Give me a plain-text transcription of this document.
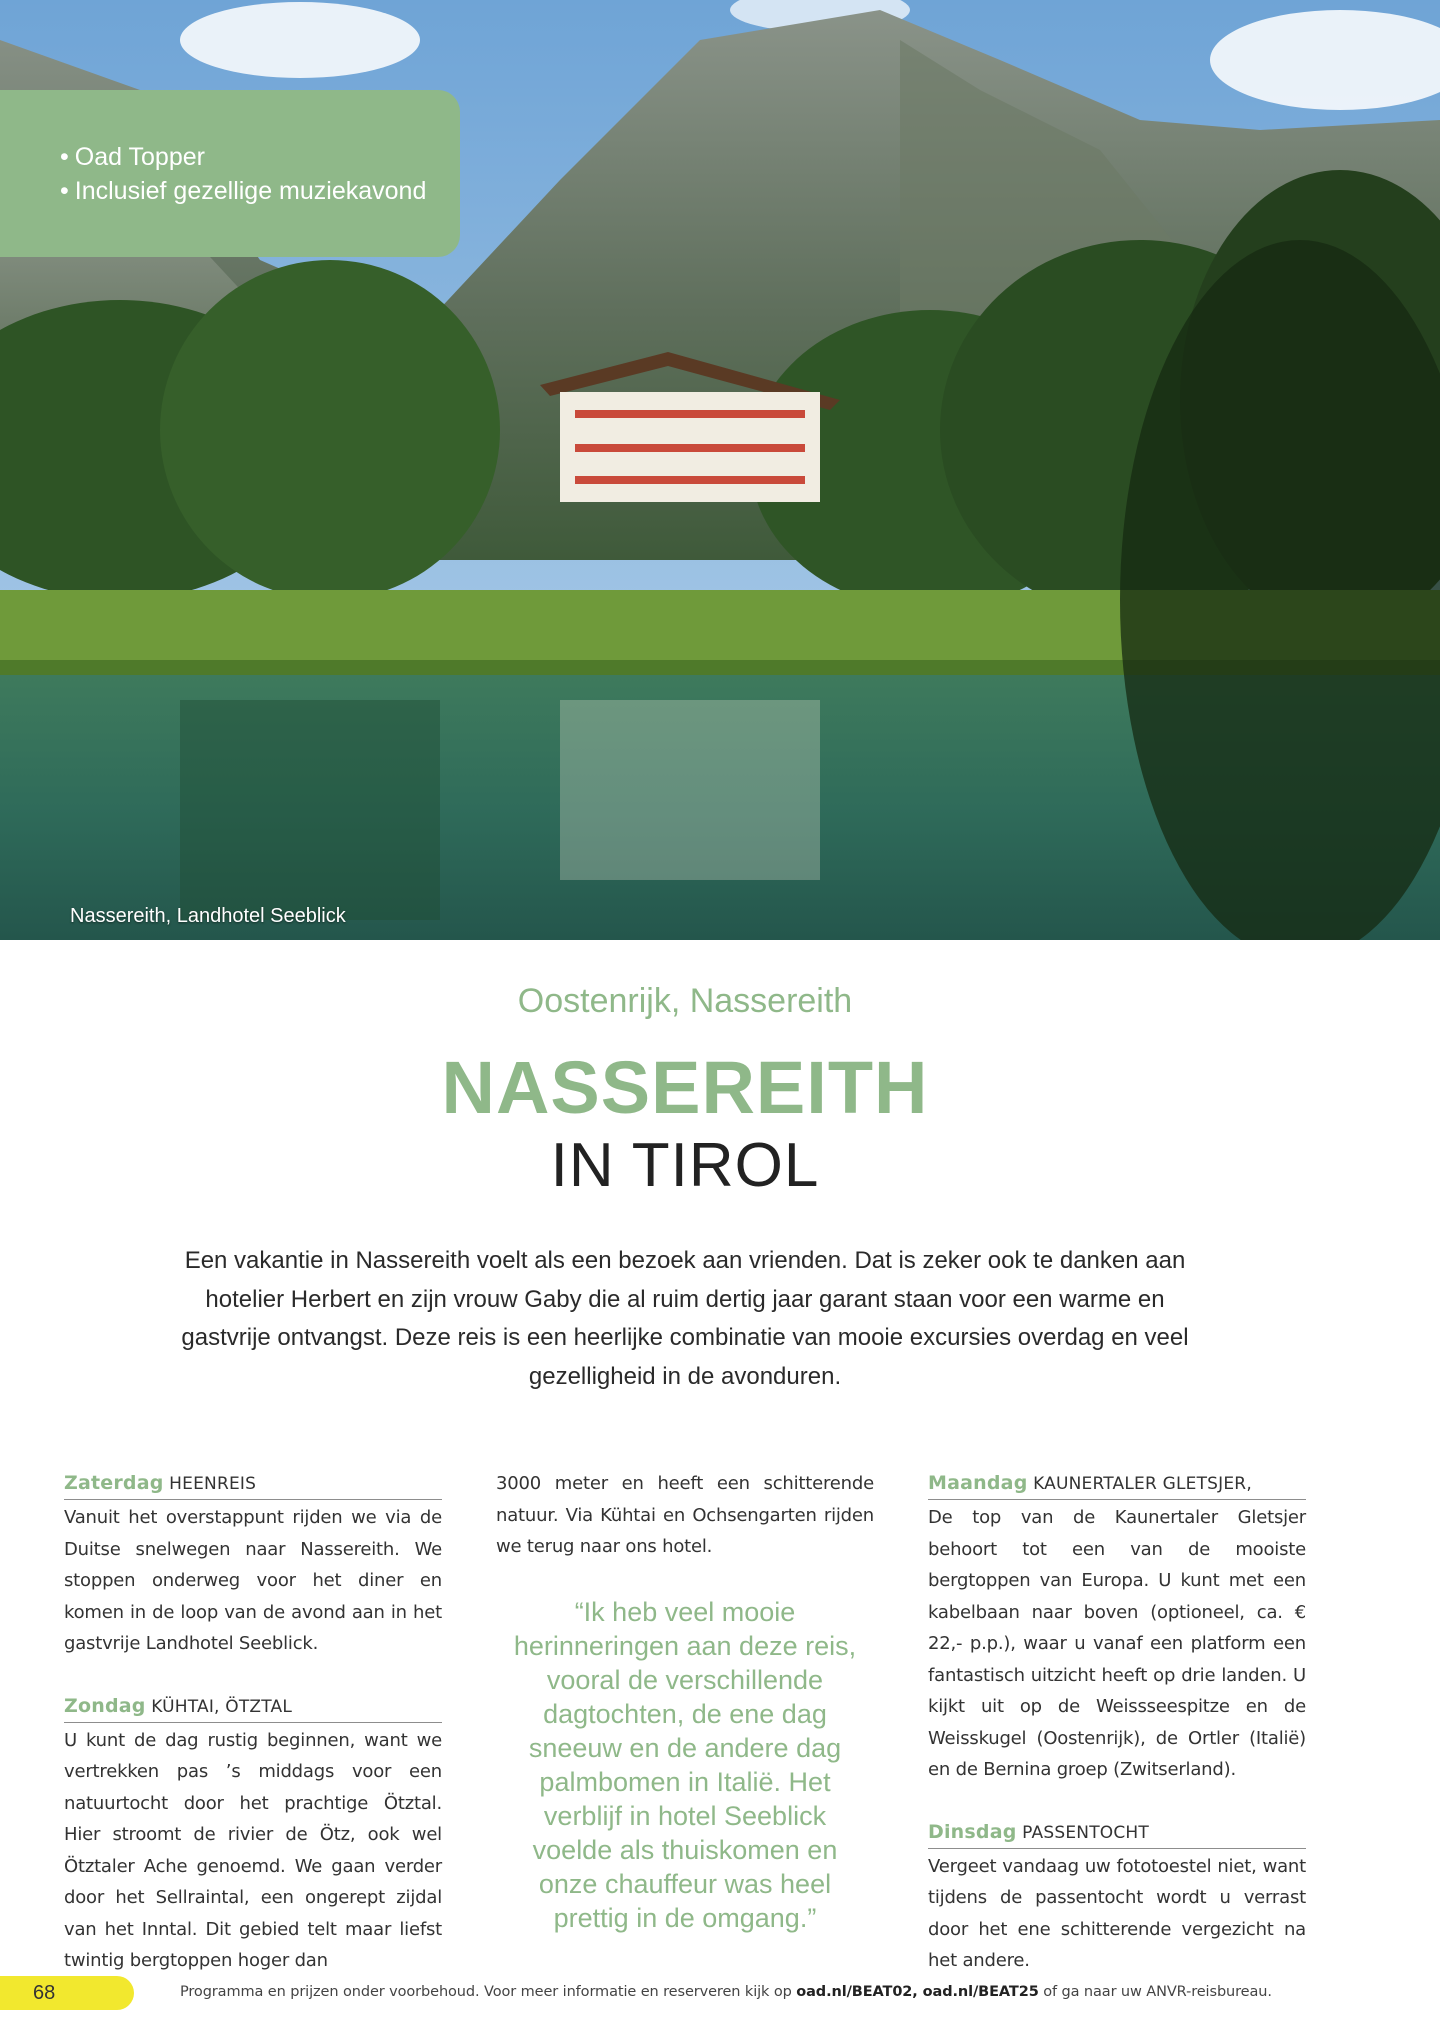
• Oad Topper
• Inclusief gezellige muziekavond
Nassereith, Landhotel Seeblick
Oostenrijk, Nassereith
NASSEREITH
IN TIROL

Een vakantie in Nassereith voelt als een bezoek aan vrienden. Dat is zeker ook te danken aan hotelier Herbert en zijn vrouw Gaby die al ruim dertig jaar garant staan voor een warme en gastvrije ontvangst. Deze reis is een heerlijke combinatie van mooie excursies overdag en veel gezelligheid in de avonduren.

Zaterdag HEENREIS

Vanuit het overstappunt rijden we via de Duitse snelwegen naar Nassereith. We stoppen onderweg voor het diner en komen in de loop van de avond aan in het gastvrije Landhotel Seeblick.

Zondag KÜHTAI, ÖTZTAL

U kunt de dag rustig beginnen, want we vertrekken pas ’s middags voor een natuurtocht door het prachtige Ötztal. Hier stroomt de rivier de Ötz, ook wel Ötztaler Ache genoemd. We gaan verder door het Sellraintal, een ongerept zijdal van het Inntal. Dit gebied telt maar liefst twintig bergtoppen hoger dan

3000 meter en heeft een schitterende natuur. Via Kühtai en Ochsengarten rijden we terug naar ons hotel.

“Ik heb veel mooie herinneringen aan deze reis, vooral de verschillende dagtochten, de ene dag sneeuw en de andere dag palmbomen in Italië. Het verblijf in hotel Seeblick voelde als thuiskomen en onze chauffeur was heel prettig in de omgang.”

Maandag KAUNERTALER GLETSJER,

De top van de Kaunertaler Gletsjer behoort tot een van de mooiste bergtoppen van Europa. U kunt met een kabelbaan naar boven (optioneel, ca. € 22,- p.p.), waar u vanaf een platform een fantastisch uitzicht heeft op drie landen. U kijkt uit op de Weissseespitze en de Weisskugel (Oostenrijk), de Ortler (Italië) en de Bernina groep (Zwitserland).

Dinsdag PASSENTOCHT

Vergeet vandaag uw fototoestel niet, want tijdens de passentocht wordt u verrast door het ene schitterende vergezicht na het andere.

68	Programma en prijzen onder voorbehoud. Voor meer informatie en reserveren kijk op oad.nl/BEAT02, oad.nl/BEAT25 of ga naar uw ANVR-reisbureau.
